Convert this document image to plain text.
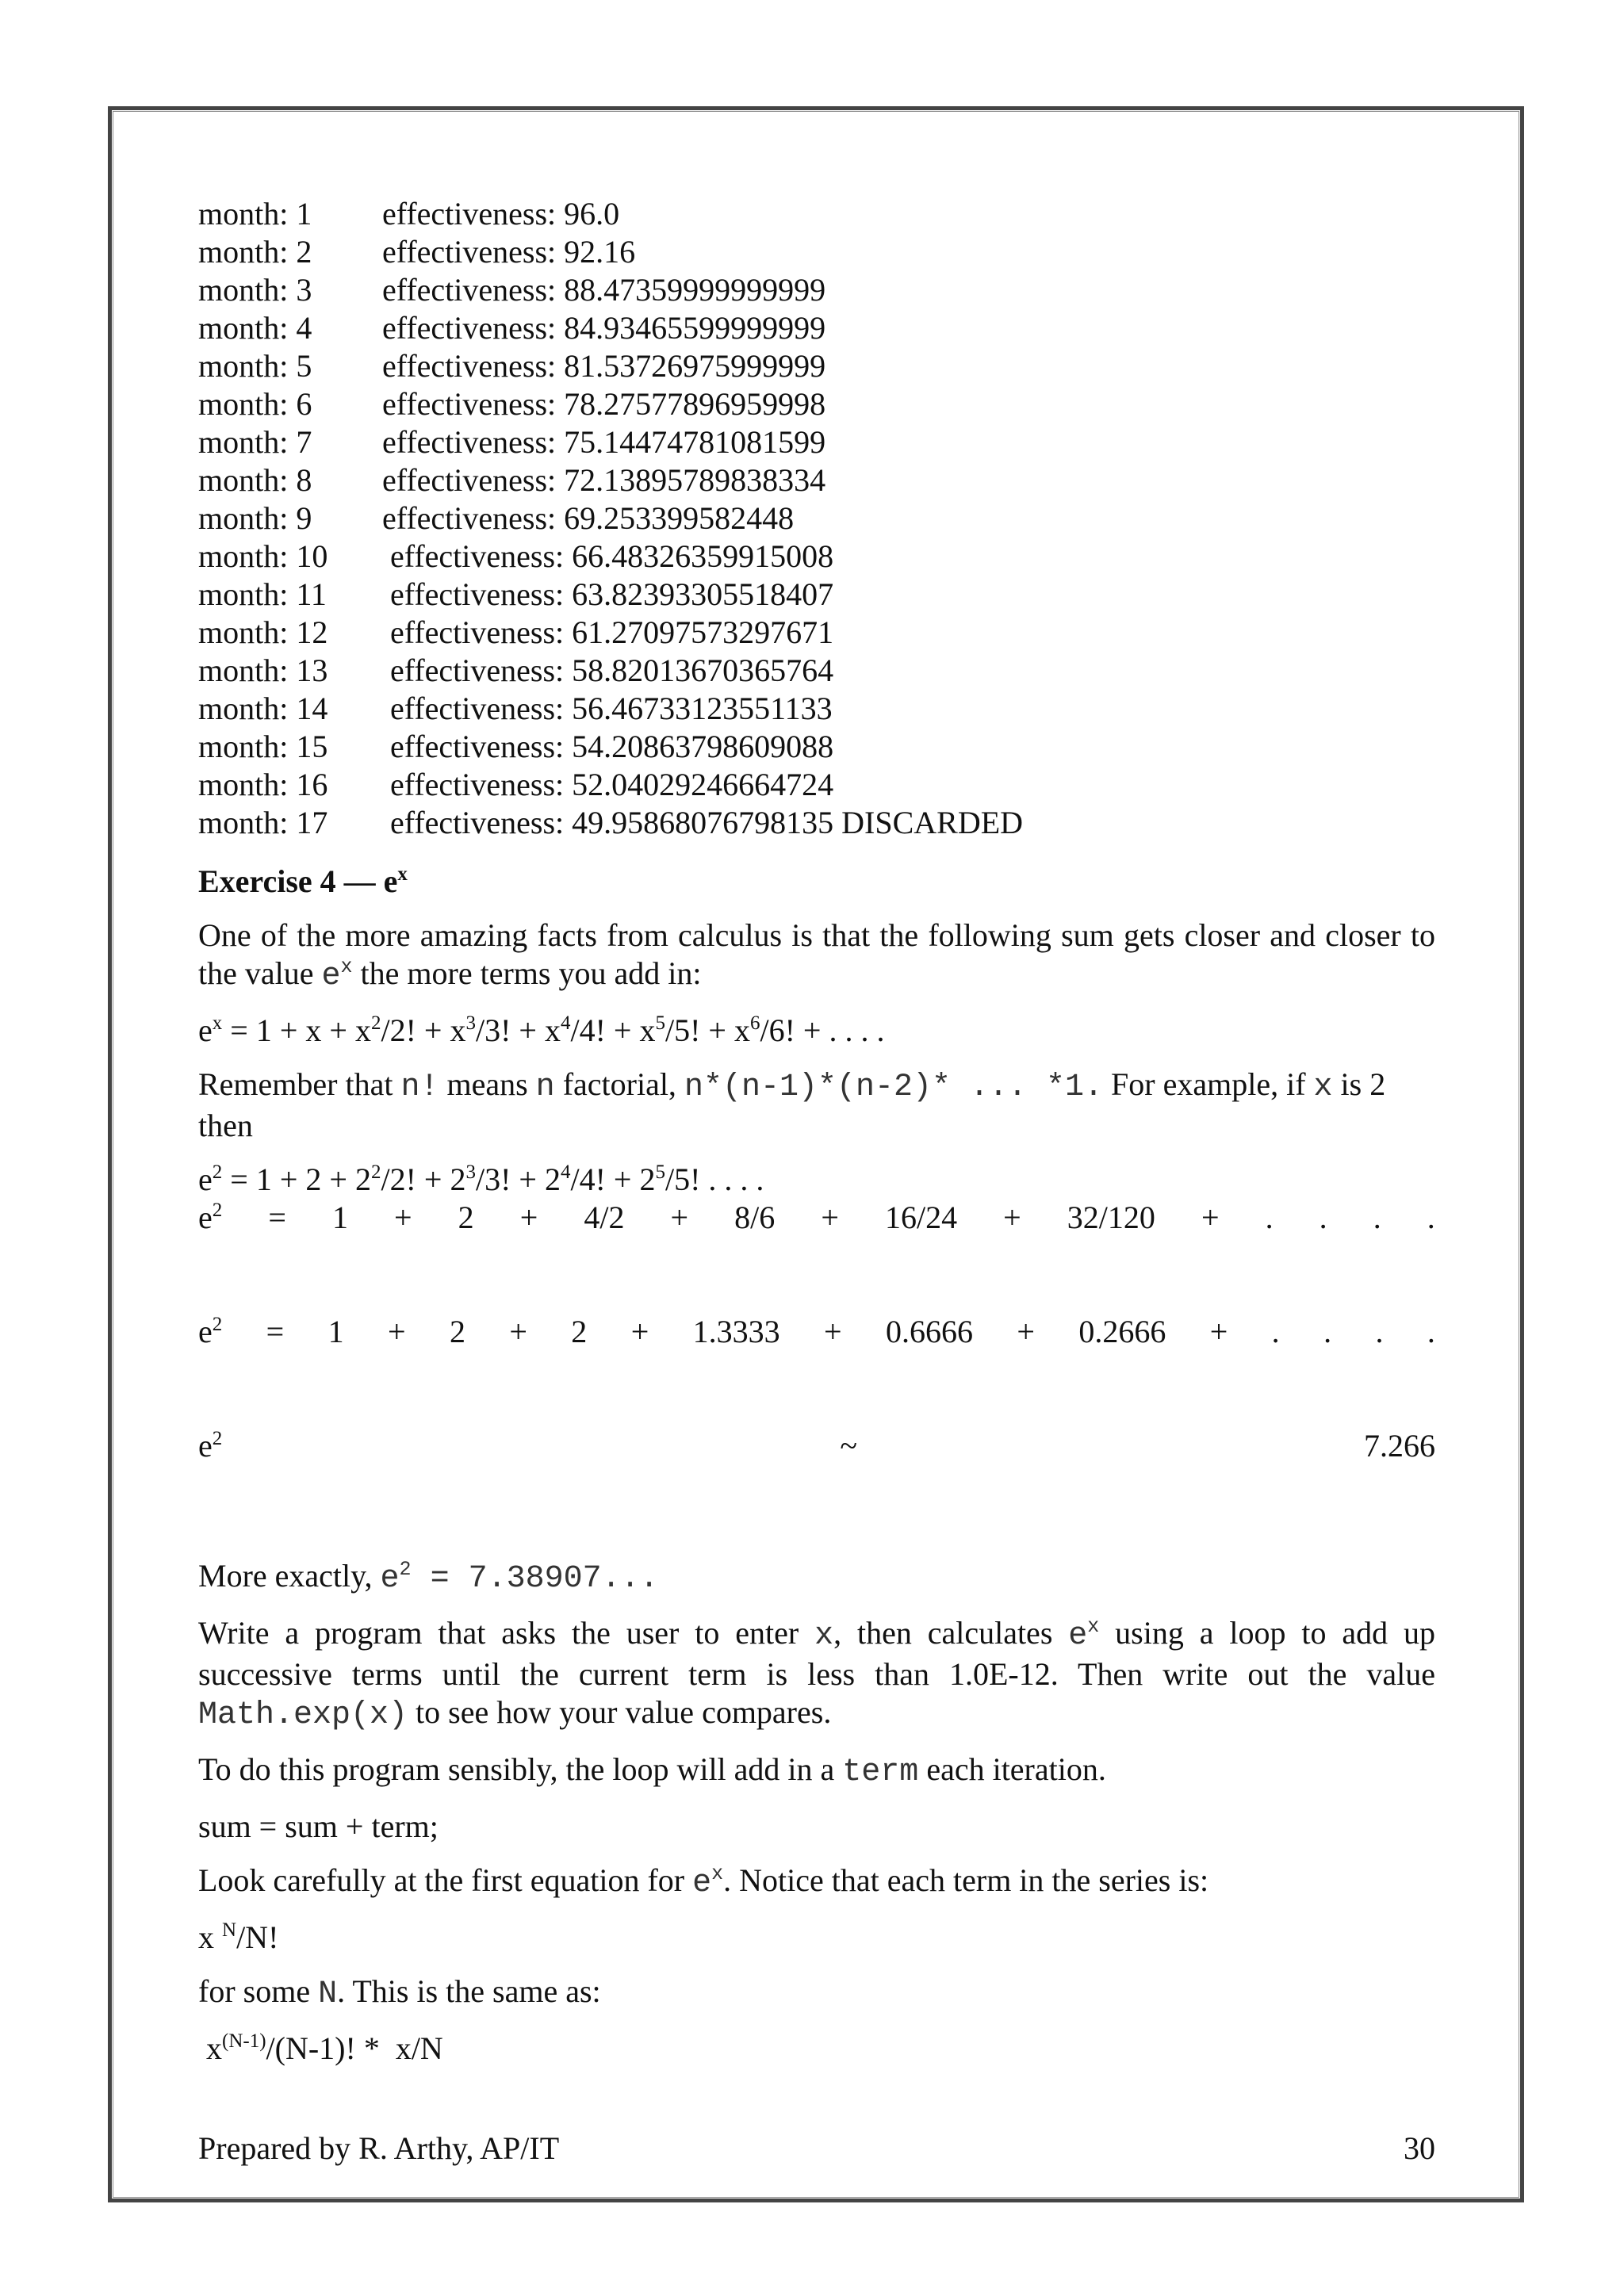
month: 1	effectiveness: 96.0
month: 2	effectiveness: 92.16
month: 3	effectiveness: 88.47359999999999
month: 4	effectiveness: 84.93465599999999
month: 5	effectiveness: 81.53726975999999
month: 6	effectiveness: 78.27577896959998
month: 7	effectiveness: 75.14474781081599
month: 8	effectiveness: 72.13895789838334
month: 9	effectiveness: 69.253399582448
month: 10	effectiveness: 66.48326359915008
month: 11	effectiveness: 63.82393305518407
month: 12	effectiveness: 61.27097573297671
month: 13	effectiveness: 58.82013670365764
month: 14	effectiveness: 56.46733123551133
month: 15	effectiveness: 54.20863798609088
month: 16	effectiveness: 52.04029246664724
month: 17	effectiveness: 49.95868076798135 DISCARDED

Exercise 4 — $e^x$

One of the more amazing facts from calculus is that the following sum gets closer and closer to the value $e^x$ the more terms you add in:

$e^x = 1 + x + x^2/2$! + $x^3/3$! + $x^4/4$! + $x^5/5$! + $x^6/6$! + . . . .

Remember that n! means n factorial, n*(n-1)*(n-2)* ... *1. For example, if x is 2 then

$e^2 = 1 + 2 + 2^2/2$! + $2^3/3$! + $2^4/4$! + $2^5/5$! . . . .

$e^2 = 1 + 2 + 4/2 + 8/6 + 16/24 + 32/120$ + . . . .
$e^2 = 1 + 2 + 2 + 1.3333 + 0.6666 + 0.2666$ + . . . .
$e^2$	~	7.266

More exactly, $e^2 = 7.38907$...

Write a program that asks the user to enter x, then calculates $e^x$ using a loop to add up successive terms until the current term is less than 1.0E-12. Then write out the value Math.exp(x) to see how your value compares.

To do this program sensibly, the loop will add in a term each iteration.

sum = sum + term;

Look carefully at the first equation for $e^x$. Notice that each term in the series is:

x $^N$/N!

for some N. This is the same as:

$x^{(N-1)}/(N-1)$! *  x/N

Prepared by R. Arthy, AP/IT	30
